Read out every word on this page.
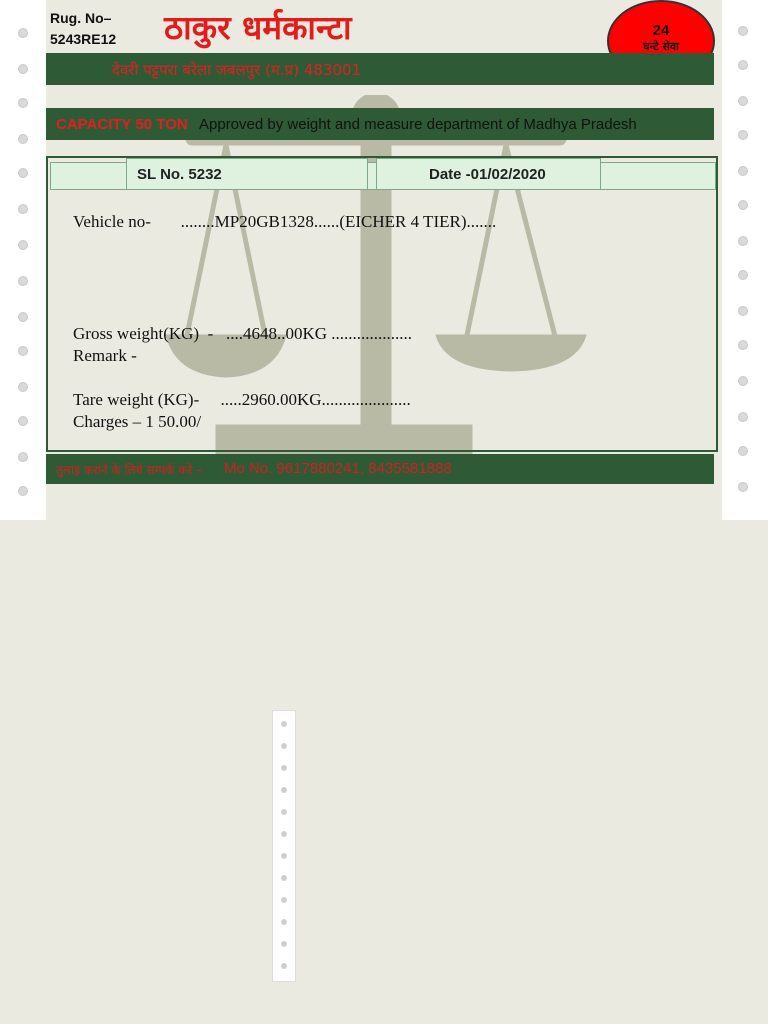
Rug. No–
5243RE12 ठाकुर धर्मकान्टा	24
घन्टे सेवा
देवरी पट्टपरा बरेला जबलपुर (म.प्र) 483001
CAPACITY 50 TON Approved by weight and measure department of Madhya Pradesh
SL No. 5232	Date -01/02/2020
Vehicle no-       ........MP20GB1328......(EICHER 4 TIER).......
Gross weight(KG)  -   ....4648..00KG ...................
Remark -
Tare weight (KG)-     .....2960.00KG.....................
Charges – 1 50.00/
तुलाइ कराने के लिये सम्पर्क करे – Mo No. 9617880241, 8435581888
